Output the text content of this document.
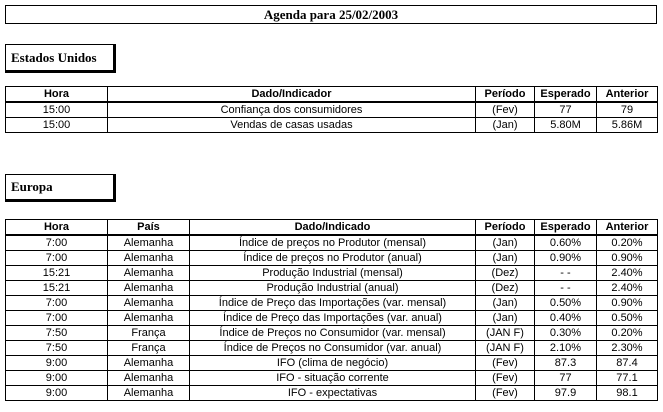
Agenda para 25/02/2003
Estados Unidos
Hora	Dado/Indicador	Período	Esperado	Anterior
15:00	Confiança dos consumidores	(Fev)	77	79
15:00	Vendas de casas usadas	(Jan)	5.80M	5.86M
Europa
Hora	País	Dado/Indicado	Período	Esperado	Anterior
7:00	Alemanha	Índice de preços no Produtor (mensal)	(Jan)	0.60%	0.20%
7:00	Alemanha	Índice de preços no Produtor (anual)	(Jan)	0.90%	0.90%
15:21	Alemanha	Produção Industrial (mensal)	(Dez)	- -	2.40%
15:21	Alemanha	Produção Industrial (anual)	(Dez)	- -	2.40%
7:00	Alemanha	Índice de Preço das Importações (var. mensal)	(Jan)	0.50%	0.90%
7:00	Alemanha	Índice de Preço das Importações (var. anual)	(Jan)	0.40%	0.50%
7:50	França	Índice de Preços no Consumidor (var. mensal)	(JAN F)	0.30%	0.20%
7:50	França	Índice de Preços no Consumidor (var. anual)	(JAN F)	2.10%	2.30%
9:00	Alemanha	IFO (clima de negócio)	(Fev)	87.3	87.4
9:00	Alemanha	IFO - situação corrente	(Fev)	77	77.1
9:00	Alemanha	IFO - expectativas	(Fev)	97.9	98.1
